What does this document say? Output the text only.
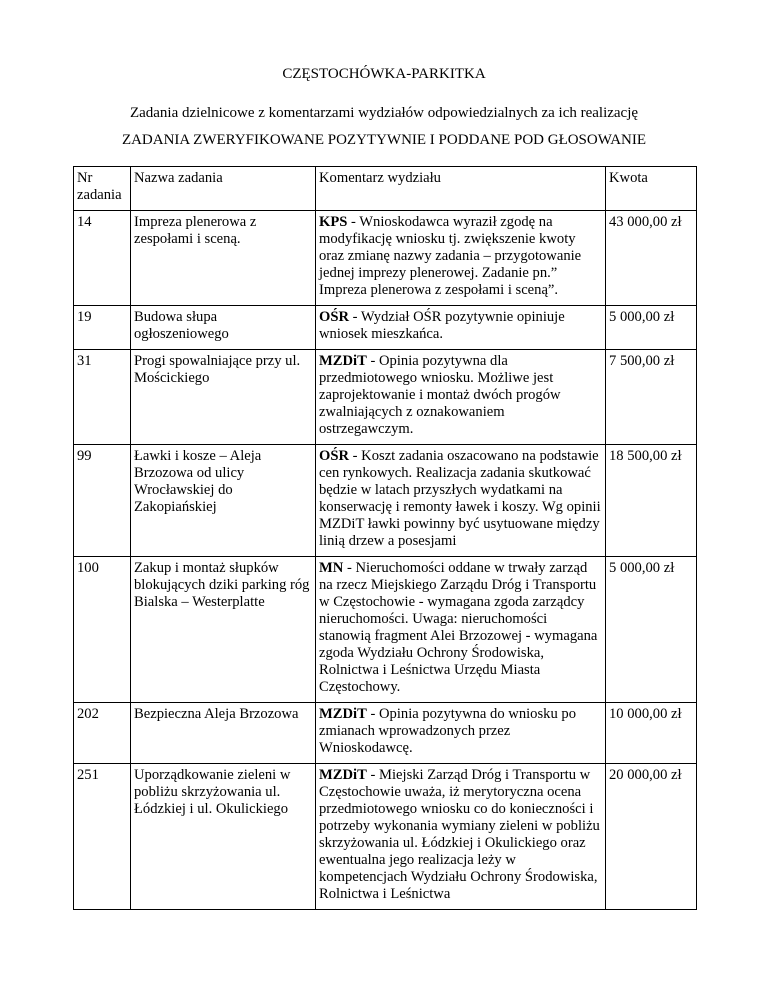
CZĘSTOCHÓWKA-PARKITKA

Zadania dzielnicowe z komentarzami wydziałów odpowiedzialnych za ich realizację

ZADANIA ZWERYFIKOWANE POZYTYWNIE I PODDANE POD GŁOSOWANIE

Nr zadania	Nazwa zadania	Komentarz wydziału	Kwota
14	Impreza plenerowa z zespołami i sceną.	KPS - Wnioskodawca wyraził zgodę na modyfikację wniosku tj. zwiększenie kwoty oraz zmianę nazwy zadania – przygotowanie jednej imprezy plenerowej. Zadanie pn.” Impreza plenerowa z zespołami i sceną”.	43 000,00 zł
19	Budowa słupa ogłoszeniowego	OŚR - Wydział OŚR pozytywnie opiniuje wniosek mieszkańca.	5 000,00 zł
31	Progi spowalniające przy ul. Mościckiego	MZDiT - Opinia pozytywna dla przedmiotowego wniosku. Możliwe jest zaprojektowanie i montaż dwóch progów zwalniających z oznakowaniem ostrzegawczym.	7 500,00 zł
99	Ławki i kosze – Aleja Brzozowa od ulicy Wrocławskiej do Zakopiańskiej	OŚR - Koszt zadania oszacowano na podstawie cen rynkowych. Realizacja zadania skutkować będzie w latach przyszłych wydatkami na konserwację i remonty ławek i koszy. Wg opinii MZDiT ławki powinny być usytuowane między linią drzew a posesjami	18 500,00 zł
100	Zakup i montaż słupków blokujących dziki parking róg Bialska – Westerplatte	MN - Nieruchomości oddane w trwały zarząd na rzecz Miejskiego Zarządu Dróg i Transportu w Częstochowie - wymagana zgoda zarządcy nieruchomości. Uwaga: nieruchomości stanowią fragment Alei Brzozowej - wymagana zgoda Wydziału Ochrony Środowiska, Rolnictwa i Leśnictwa Urzędu Miasta Częstochowy.	5 000,00 zł
202	Bezpieczna Aleja Brzozowa	MZDiT - Opinia pozytywna do wniosku po zmianach wprowadzonych przez Wnioskodawcę.	10 000,00 zł
251	Uporządkowanie zieleni w pobliżu skrzyżowania ul. Łódzkiej i ul. Okulickiego	MZDiT - Miejski Zarząd Dróg i Transportu w Częstochowie uważa, iż merytoryczna ocena przedmiotowego wniosku co do konieczności i potrzeby wykonania wymiany zieleni w pobliżu skrzyżowania ul. Łódzkiej i Okulickiego oraz ewentualna jego realizacja leży w kompetencjach Wydziału Ochrony Środowiska, Rolnictwa i Leśnictwa	20 000,00 zł
